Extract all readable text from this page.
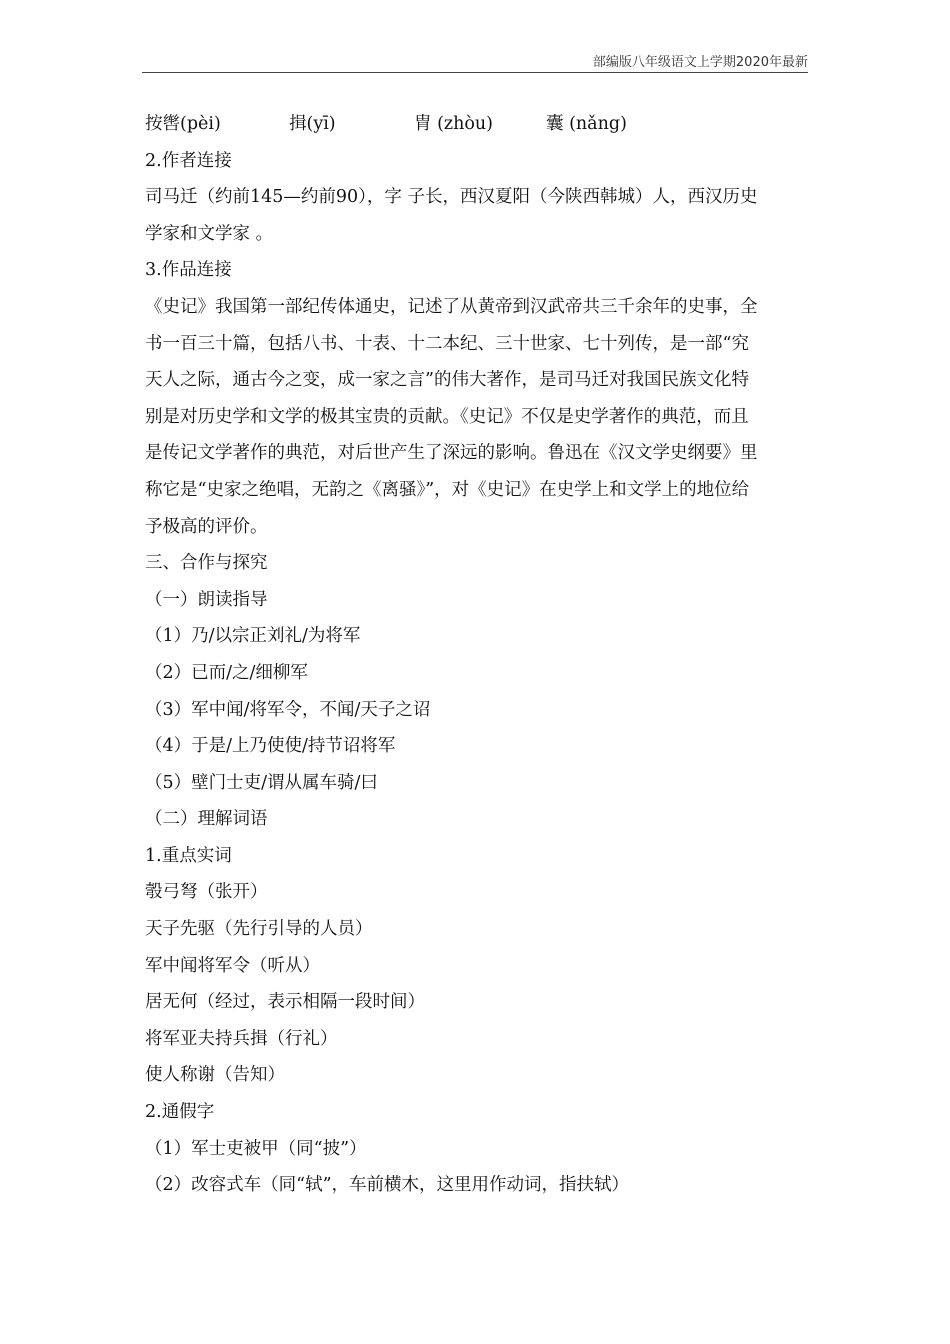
部编版八年级语文上学期2020年最新
按辔(pèi)	揖(yī)	胄 (zhòu)	囊 (nǎng)
2.作者连接
司马迁（约前145—约前90），字 子长，西汉夏阳（今陕西韩城）人，西汉历史
学家和文学家 。
3.作品连接
《史记》我国第一部纪传体通史，记述了从黄帝到汉武帝共三千余年的史事，全
书一百三十篇，包括八书、十表、十二本纪、三十世家、七十列传，是一部“究
天人之际，通古今之变，成一家之言”的伟大著作，是司马迁对我国民族文化特
别是对历史学和文学的极其宝贵的贡献。《史记》不仅是史学著作的典范，而且
是传记文学著作的典范，对后世产生了深远的影响。鲁迅在《汉文学史纲要》里
称它是“史家之绝唱，无韵之《离骚》”，对《史记》在史学上和文学上的地位给
予极高的评价。
三、合作与探究
（一）朗读指导
（1）乃/以宗正刘礼/为将军
（2）已而/之/细柳军
（3）军中闻/将军令，不闻/天子之诏
（4）于是/上乃使使/持节诏将军
（5）壁门士吏/谓从属车骑/曰
（二）理解词语
1.重点实词
彀弓弩（张开）
天子先驱（先行引导的人员）
军中闻将军令（听从）
居无何（经过，表示相隔一段时间）
将军亚夫持兵揖（行礼）
使人称谢（告知）
2.通假字
（1）军士吏被甲（同“披”）
（2）改容式车（同“轼”，车前横木，这里用作动词，指扶轼）
